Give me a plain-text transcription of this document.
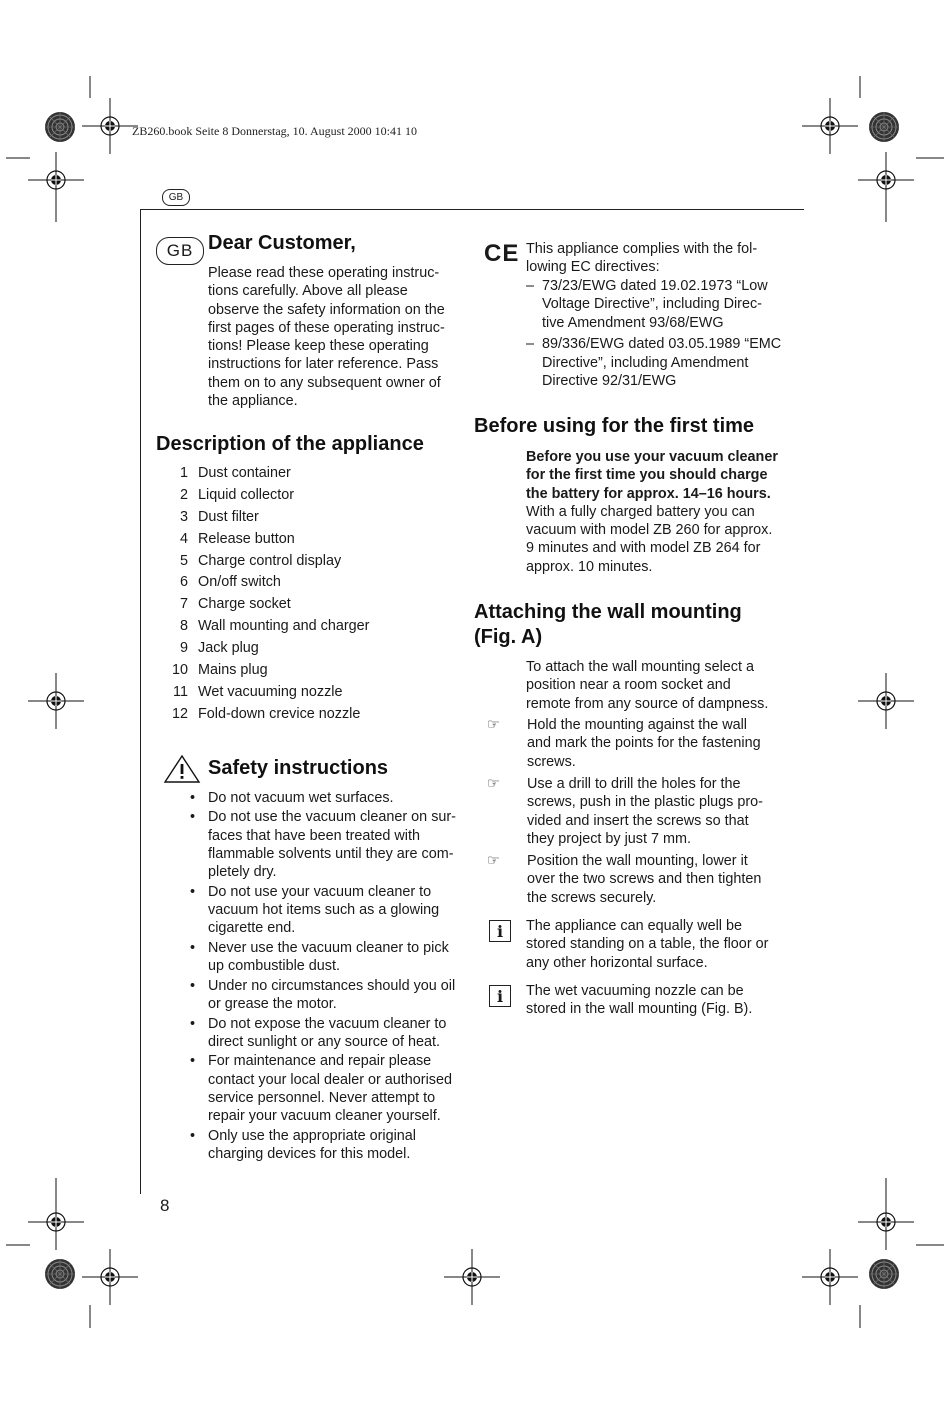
ZB260.book Seite 8 Donnerstag, 10. August 2000 10:41 10
GB
GB Dear Customer,
Please read these operating instruc-
tions carefully. Above all please
observe the safety information on the
first pages of these operating instruc-
tions! Please keep these operating
instructions for later reference. Pass
them on to any subsequent owner of
the appliance.
Description of the appliance
1 Dust container
2 Liquid collector
3 Dust filter
4 Release button
5 Charge control display
6 On/off switch
7 Charge socket
8 Wall mounting and charger
9 Jack plug
10 Mains plug
11 Wet vacuuming nozzle
12 Fold-down crevice nozzle
Safety instructions
• Do not vacuum wet surfaces.
• Do not use the vacuum cleaner on sur-
faces that have been treated with
flammable solvents until they are com-
pletely dry.
• Do not use your vacuum cleaner to
vacuum hot items such as a glowing
cigarette end.
• Never use the vacuum cleaner to pick
up combustible dust.
• Under no circumstances should you oil
or grease the motor.
• Do not expose the vacuum cleaner to
direct sunlight or any source of heat.
• For maintenance and repair please
contact your local dealer or authorised
service personnel. Never attempt to
repair your vacuum cleaner yourself.
• Only use the appropriate original
charging devices for this model.
CE This appliance complies with the fol-
lowing EC directives:
– 73/23/EWG dated 19.02.1973 “Low
Voltage Directive”, including Direc-
tive Amendment 93/68/EWG
– 89/336/EWG dated 03.05.1989 “EMC
Directive”, including Amendment
Directive 92/31/EWG
Before using for the first time
Before you use your vacuum cleaner
for the first time you should charge
the battery for approx. 14–16 hours.
With a fully charged battery you can
vacuum with model ZB 260 for approx.
9 minutes and with model ZB 264 for
approx. 10 minutes.
Attaching the wall mounting
(Fig. A)
To attach the wall mounting select a
position near a room socket and
remote from any source of dampness.
☞	Hold the mounting against the wall
and mark the points for the fastening
screws.
☞	Use a drill to drill the holes for the
screws, push in the plastic plugs pro-
vided and insert the screws so that
they project by just 7 mm.
☞	Position the wall mounting, lower it
over the two screws and then tighten
the screws securely.
i	The appliance can equally well be
stored standing on a table, the floor or
any other horizontal surface.
i	The wet vacuuming nozzle can be
stored in the wall mounting (Fig. B).
8
